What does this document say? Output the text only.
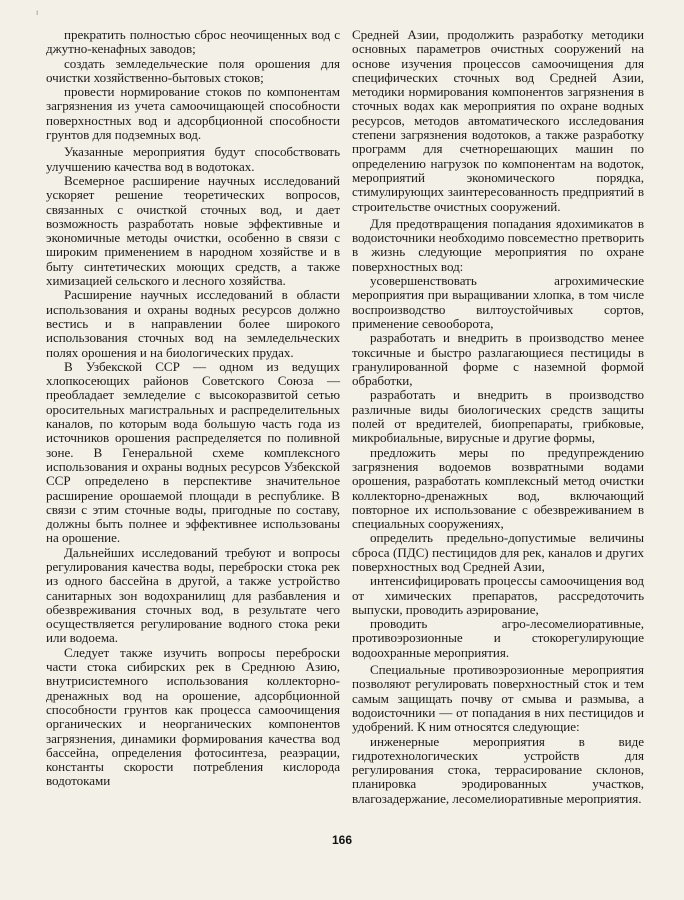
ı

прекратить полностью сброс неочищенных вод с джутно-кенафных заводов;

создать земледельческие поля орошения для очистки хозяйственно-бытовых стоков;

провести нормирование стоков по компонентам загрязнения из учета самоочищающей способности поверхностных вод и адсорбционной способности грунтов для подземных вод.

Указанные мероприятия будут способствовать улучшению качества вод в водотоках.

Всемерное расширение научных исследований ускоряет решение теоретических вопросов, связанных с очисткой сточных вод, и дает возможность разработать новые эффективные и экономичные методы очистки, особенно в связи с широким применением в народном хозяйстве и в быту синтетических моющих средств, а также химизацией сельского и лесного хозяйства.

Расширение научных исследований в области использования и охраны водных ресурсов должно вестись и в направлении более широкого использования сточных вод на земледельческих полях орошения и на биологических прудах.

В Узбекской ССР — одном из ведущих хлопкосеющих районов Советского Союза — преобладает земледелие с высокоразвитой сетью оросительных магистральных и распределительных каналов, по которым вода большую часть года из источников орошения распределяется по поливной зоне. В Генеральной схеме комплексного использования и охраны водных ресурсов Узбекской ССР определено в перспективе значительное расширение орошаемой площади в республике. В связи с этим сточные воды, пригодные по составу, должны быть полнее и эффективнее использованы на орошение.

Дальнейших исследований требуют и вопросы регулирования качества воды, переброски стока рек из одного бассейна в другой, а также устройство санитарных зон водохранилищ для разбавления и обезвреживания сточных вод, в результате чего осуществляется регулирование водного стока реки или водоема.

Следует также изучить вопросы переброски части стока сибирских рек в Среднюю Азию, внутрисистемного использования коллекторно-дренажных вод на орошение, адсорбционной способности грунтов как процесса самоочищения органических и неорганических компонентов загрязнения, динамики формирования качества вод бассейна, определения фотосинтеза, реаэрации, константы скорости потребления кислорода водотоками

Средней Азии, продолжить разработку методики основных параметров очистных сооружений на основе изучения процессов самоочищения для специфических сточных вод Средней Азии, методики нормирования компонентов загрязнения в сточных водах как мероприятия по охране водных ресурсов, методов автоматического исследования степени загрязнения водотоков, а также разработку программ для счетнорешающих машин по определению нагрузок по компонентам на водоток, мероприятий экономического порядка, стимулирующих заинтересованность предприятий в строительстве очистных сооружений.

Для предотвращения попадания ядохимикатов в водоисточники необходимо повсеместно претворить в жизнь следующие мероприятия по охране поверхностных вод:

усовершенствовать агрохимические мероприятия при выращивании хлопка, в том числе воспроизводство вилтоустойчивых сортов, применение севооборота,

разработать и внедрить в производство менее токсичные и быстро разлагающиеся пестициды в гранулированной форме с наземной формой обработки,

разработать и внедрить в производство различные виды биологических средств защиты полей от вредителей, биопрепараты, грибковые, микробиальные, вирусные и другие формы,

предложить меры по предупреждению загрязнения водоемов возвратными водами орошения, разработать комплексный метод очистки коллекторно-дренажных вод, включающий повторное их использование с обезвреживанием в специальных сооружениях,

определить предельно-допустимые величины сброса (ПДС) пестицидов для рек, каналов и других поверхностных вод Средней Азии,

интенсифицировать процессы самоочищения вод от химических препаратов, рассредоточить выпуски, проводить аэрирование,

проводить агро-лесомелиоративные, противоэрозионные и стокорегулирующие водоохранные мероприятия.

Специальные противоэрозионные мероприятия позволяют регулировать поверхностный сток и тем самым защищать почву от смыва и размыва, а водоисточники — от попадания в них пестицидов и удобрений. К ним относятся следующие:

инженерные мероприятия в виде гидротехнологических устройств для регулирования стока, террасирование склонов, планировка эродированных участков, влагозадержание, лесомелиоративные мероприятия.

166
